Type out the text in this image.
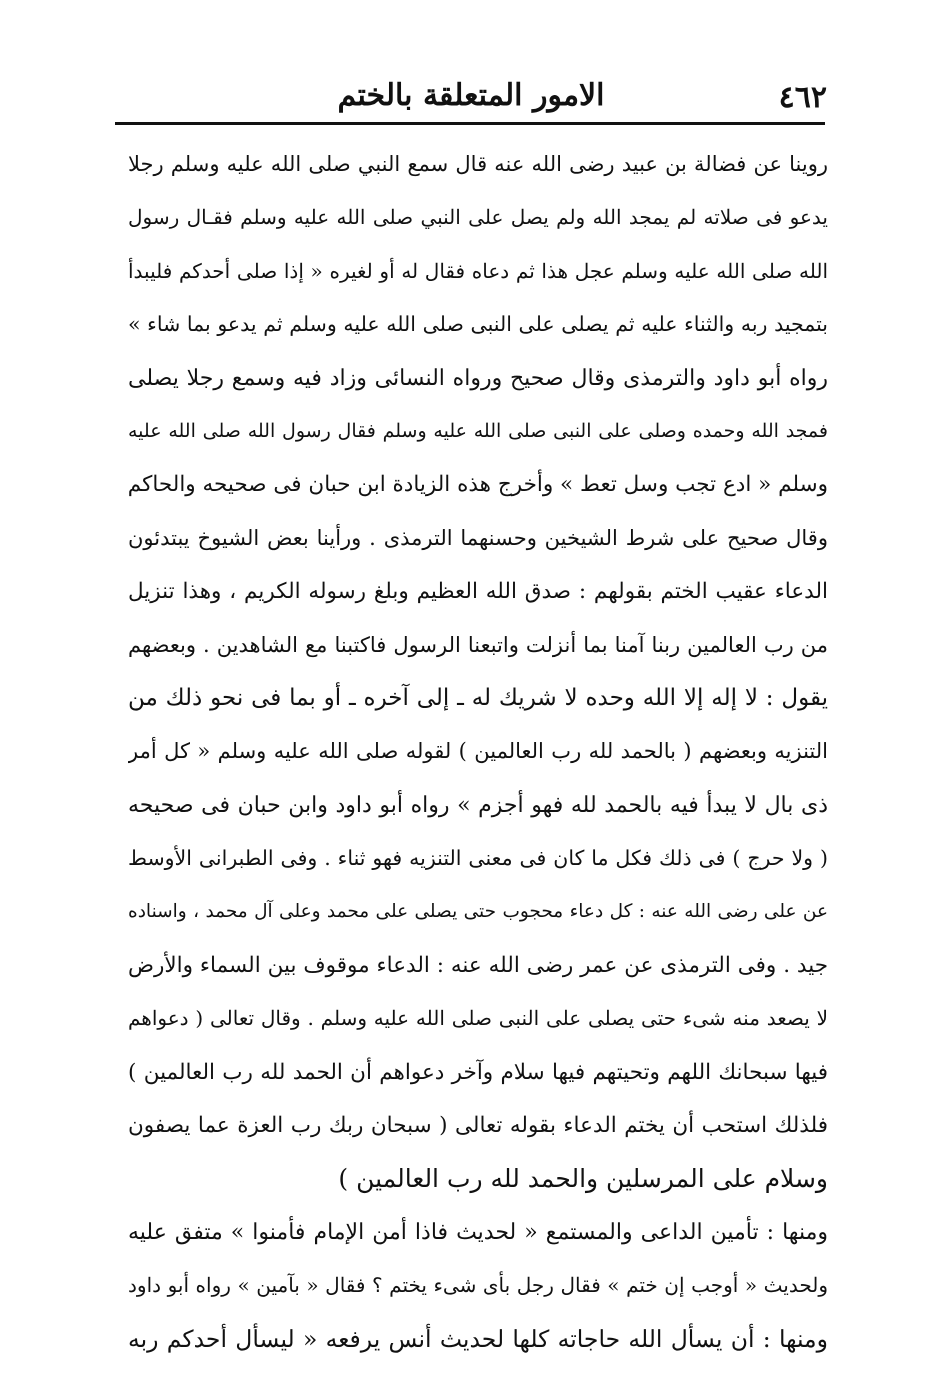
٤٦٢
الامور المتعلقة بالختم
روينا عن فضالة بن عبيد رضى الله عنه قال سمع النبي صلى الله عليه وسلم رجلا
يدعو فى صلاته لم يمجد الله ولم يصل على النبي صلى الله عليه وسلم فقـال رسول
الله صلى الله عليه وسلم عجل هذا ثم دعاه فقال له أو لغيره « إذا صلى أحدكم فليبدأ
بتمجيد ربه والثناء عليه ثم يصلى على النبى صلى الله عليه وسلم ثم يدعو بما شاء »
رواه أبو داود والترمذى وقال صحيح ورواه النسائى وزاد فيه وسمع رجلا يصلى
فمجد الله وحمده وصلى على النبى صلى الله عليه وسلم فقال رسول الله صلى الله عليه
وسلم « ادع تجب وسل تعط » وأخرج هذه الزيادة ابن حبان فى صحيحه والحاكم
وقال صحيح على شرط الشيخين وحسنهما الترمذى . ورأينا بعض الشيوخ يبتدئون
الدعاء عقيب الختم بقولهم : صدق الله العظيم وبلغ رسوله الكريم ، وهذا تنزيل
من رب العالمين ربنا آمنا بما أنزلت واتبعنا الرسول فاكتبنا مع الشاهدين . وبعضهم
يقول : لا إله إلا الله وحده لا شريك له ـ إلى آخره ـ أو بما فى نحو ذلك من
التنزيه وبعضهم ( بالحمد لله رب العالمين ) لقوله صلى الله عليه وسلم « كل أمر
ذى بال لا يبدأ فيه بالحمد لله فهو أجزم » رواه أبو داود وابن حبان فى صحيحه
( ولا حرج ) فى ذلك فكل ما كان فى معنى التنزيه فهو ثناء . وفى الطبرانى الأوسط
عن على رضى الله عنه : كل دعاء محجوب حتى يصلى على محمد وعلى آل محمد ، واسناده
جيد . وفى الترمذى عن عمر رضى الله عنه : الدعاء موقوف بين السماء والأرض
لا يصعد منه شىء حتى يصلى على النبى صلى الله عليه وسلم . وقال تعالى ( دعواهم
فيها سبحانك اللهم وتحيتهم فيها سلام وآخر دعواهم أن الحمد لله رب العالمين )
فلذلك استحب أن يختم الدعاء بقوله تعالى ( سبحان ربك رب العزة عما يصفون
وسلام على المرسلين والحمد لله رب العالمين )
ومنها : تأمين الداعى والمستمع « لحديث فاذا أمن الإمام فأمنوا » متفق عليه
ولحديث « أوجب إن ختم » فقال رجل بأى شىء يختم ؟ فقال « بآمين » رواه أبو داود
ومنها : أن يسأل الله حاجاته كلها لحديث أنس يرفعه « ليسأل أحدكم ربه
